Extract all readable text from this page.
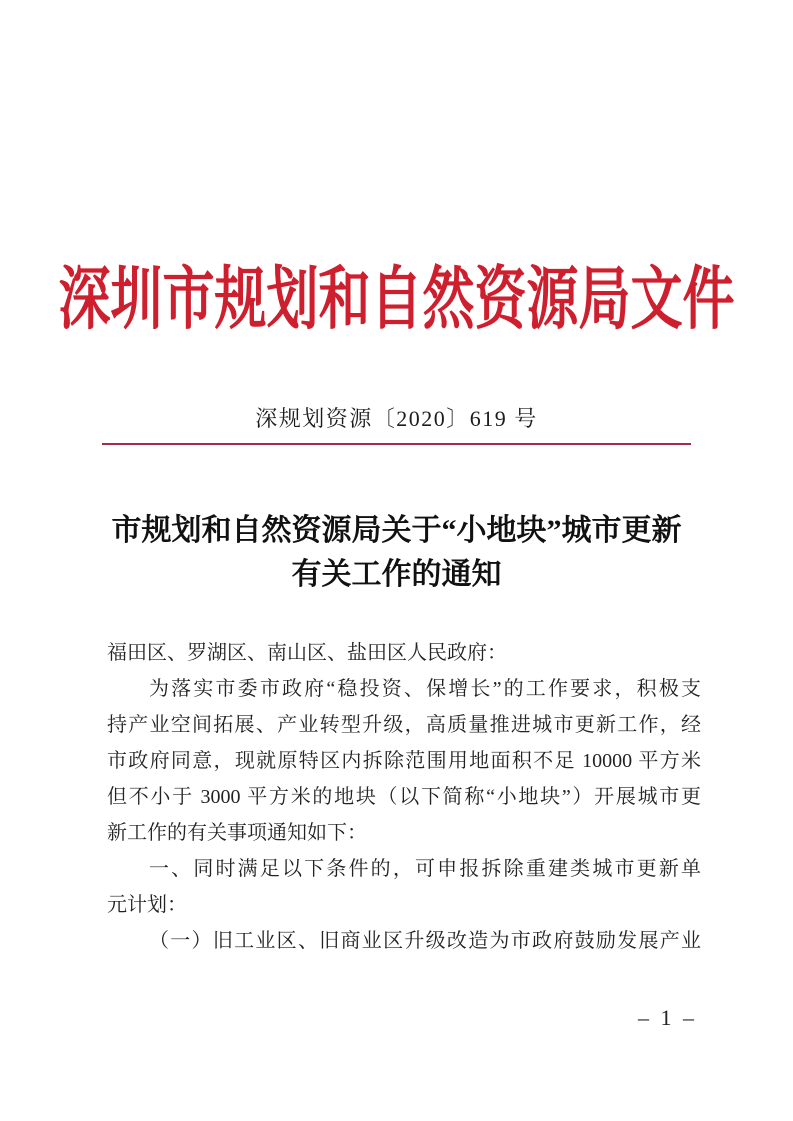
深圳市规划和自然资源局文件
深规划资源〔2020〕619 号
市规划和自然资源局关于“小地块”城市更新
有关工作的通知
福田区、罗湖区、南山区、盐田区人民政府：
为落实市委市政府“稳投资、保增长”的工作要求，积极支
持产业空间拓展、产业转型升级，高质量推进城市更新工作，经
市政府同意，现就原特区内拆除范围用地面积不足 10000 平方米
但不小于 3000 平方米的地块（以下简称“小地块”）开展城市更
新工作的有关事项通知如下：
一、同时满足以下条件的，可申报拆除重建类城市更新单
元计划：
（一）旧工业区、旧商业区升级改造为市政府鼓励发展产业
– 1 –
